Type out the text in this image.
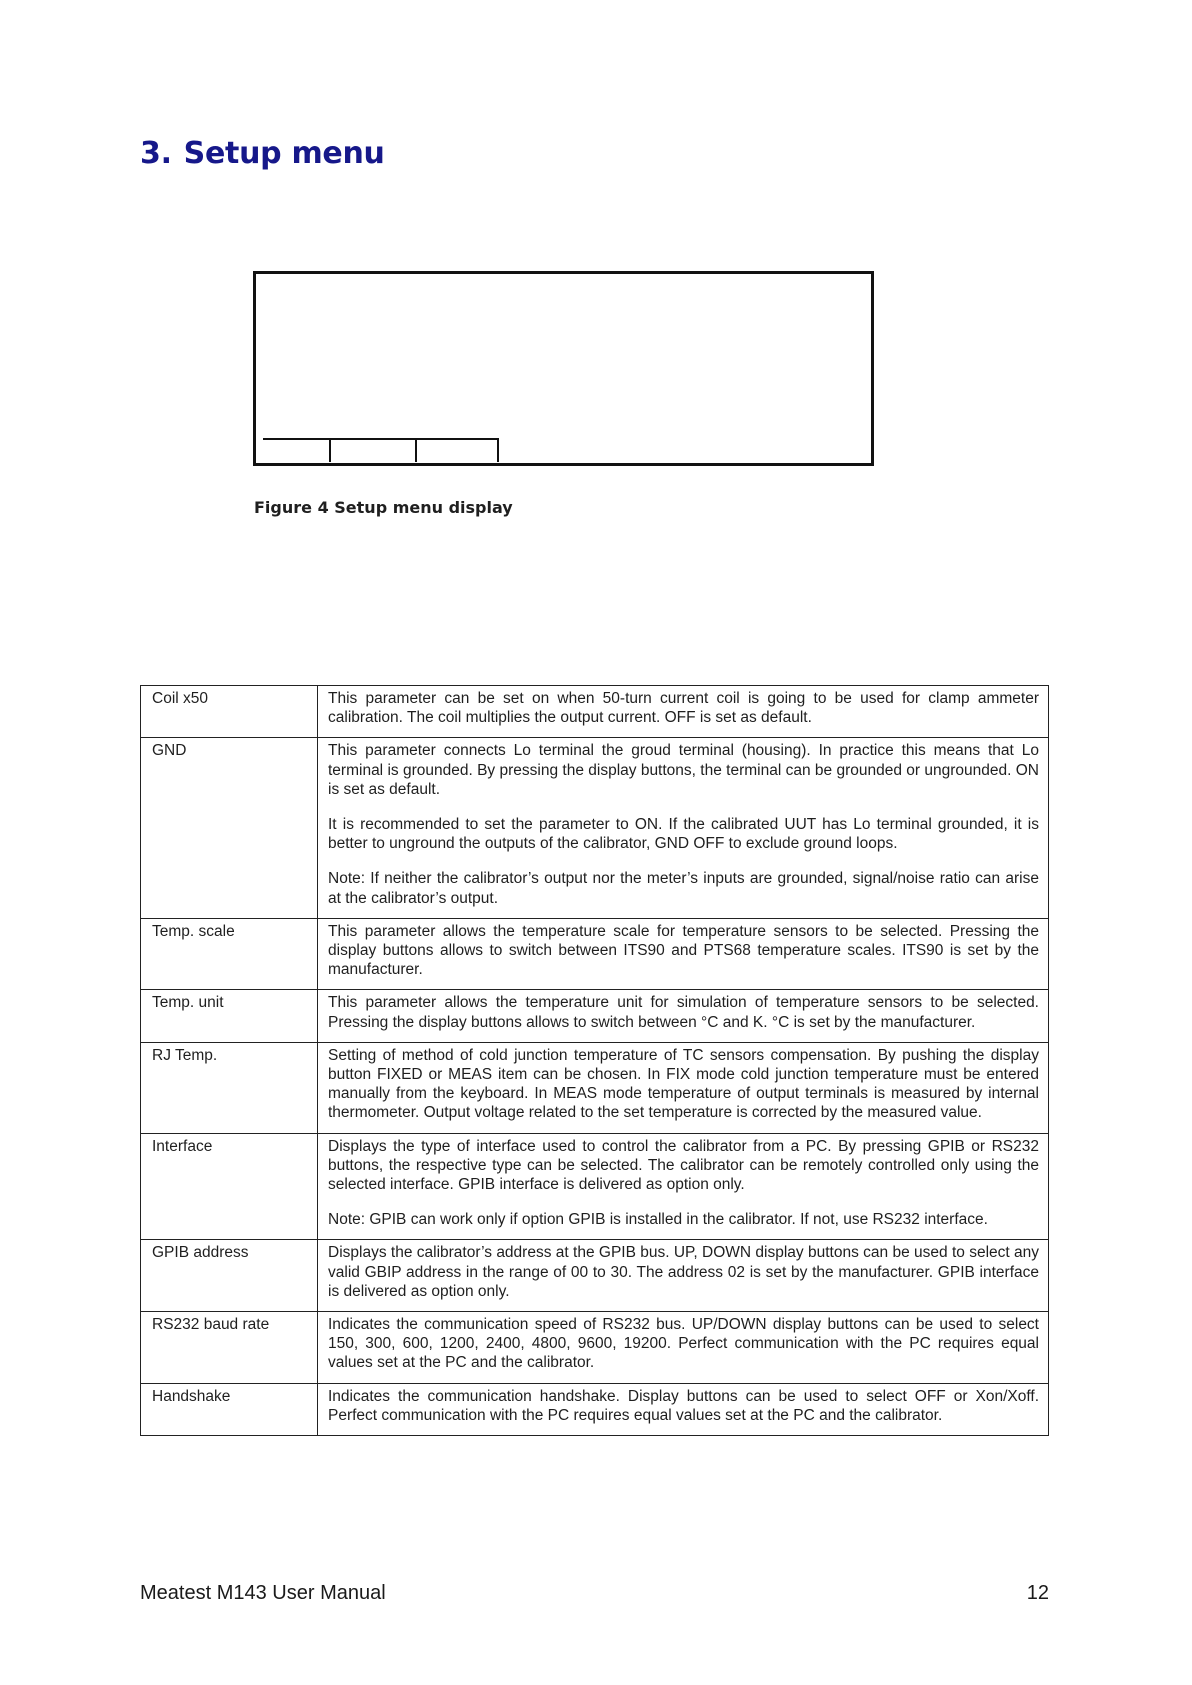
3. Setup menu

Figure 4 Setup menu display

Coil x50	This parameter can be set on when 50-turn current coil is going to be used for clamp ammeter calibration. The coil multiplies the output current. OFF is set as default.

GND	This parameter connects Lo terminal the groud terminal (housing). In practice this means that Lo terminal is grounded. By pressing the display buttons, the terminal can be grounded or ungrounded. ON is set as default.

It is recommended to set the parameter to ON. If the calibrated UUT has Lo terminal grounded, it is better to unground the outputs of the calibrator, GND OFF to exclude ground loops.

Note: If neither the calibrator’s output nor the meter’s inputs are grounded, signal/noise ratio can arise at the calibrator’s output.

Temp. scale	This parameter allows the temperature scale for temperature sensors to be selected. Pressing the display buttons allows to switch between ITS90 and PTS68 temperature scales. ITS90 is set by the manufacturer.

Temp. unit	This parameter allows the temperature unit for simulation of temperature sensors to be selected. Pressing the display buttons allows to switch between °C and K. °C is set by the manufacturer.

RJ Temp.	Setting of method of cold junction temperature of TC sensors compensation. By pushing the display button FIXED or MEAS item can be chosen. In FIX mode cold junction temperature must be entered manually from the keyboard. In MEAS mode temperature of output terminals is measured by internal thermometer. Output voltage related to the set temperature is corrected by the measured value.

Interface	Displays the type of interface used to control the calibrator from a PC. By pressing GPIB or RS232 buttons, the respective type can be selected. The calibrator can be remotely controlled only using the selected interface. GPIB interface is delivered as option only.

Note: GPIB can work only if option GPIB is installed in the calibrator. If not, use RS232 interface.

GPIB address	Displays the calibrator’s address at the GPIB bus. UP, DOWN display buttons can be used to select any valid GBIP address in the range of 00 to 30. The address 02 is set by the manufacturer. GPIB interface is delivered as option only.

RS232 baud rate	Indicates the communication speed of RS232 bus. UP/DOWN display buttons can be used to select 150, 300, 600, 1200, 2400, 4800, 9600, 19200. Perfect communication with the PC requires equal values set at the PC and the calibrator.

Handshake	Indicates the communication handshake. Display buttons can be used to select OFF or Xon/Xoff. Perfect communication with the PC requires equal values set at the PC and the calibrator.

Meatest M143 User Manual	12
